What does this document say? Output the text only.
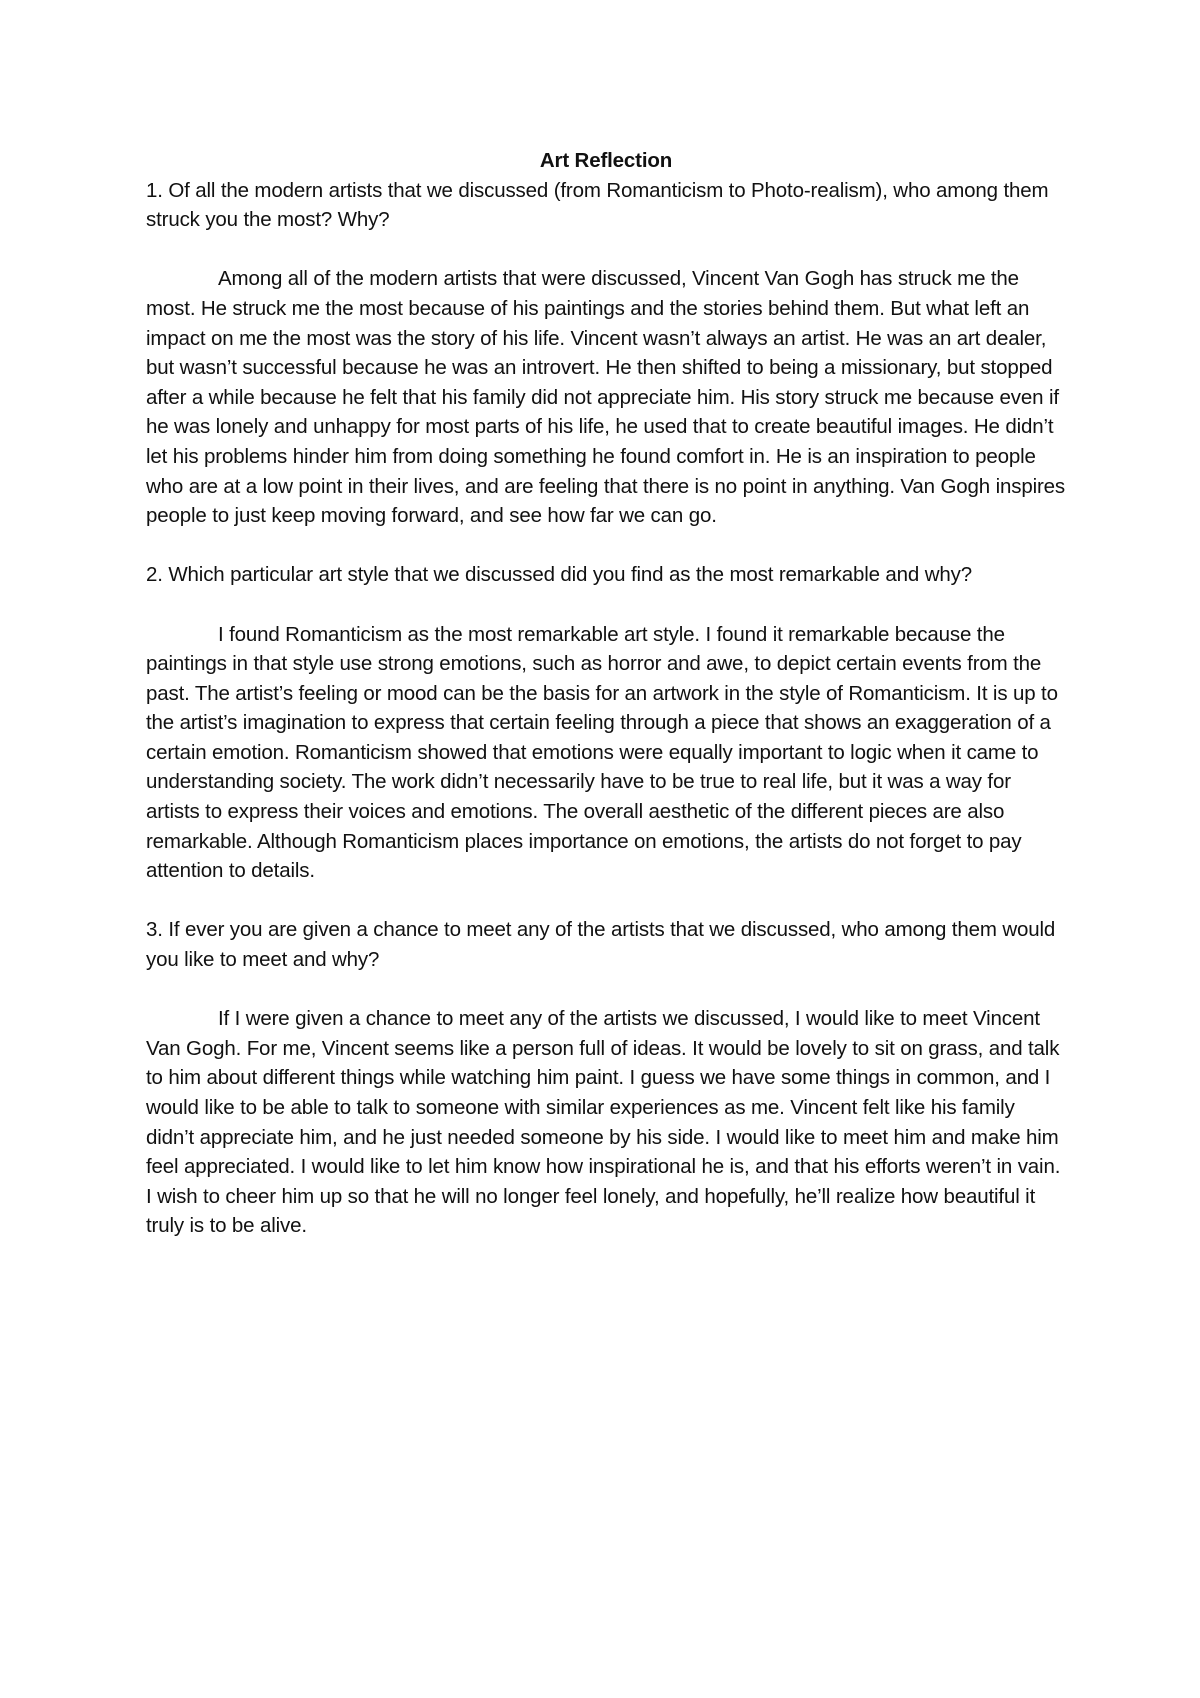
Art Reflection

1. Of all the modern artists that we discussed (from Romanticism to Photo-realism), who among them struck you the most? Why?

Among all of the modern artists that were discussed, Vincent Van Gogh has struck me the most. He struck me the most because of his paintings and the stories behind them. But what left an impact on me the most was the story of his life. Vincent wasn’t always an artist. He was an art dealer, but wasn’t successful because he was an introvert. He then shifted to being a missionary, but stopped after a while because he felt that his family did not appreciate him. His story struck me because even if he was lonely and unhappy for most parts of his life, he used that to create beautiful images. He didn’t let his problems hinder him from doing something he found comfort in. He is an inspiration to people who are at a low point in their lives, and are feeling that there is no point in anything. Van Gogh inspires people to just keep moving forward, and see how far we can go.

2. Which particular art style that we discussed did you find as the most remarkable and why?

I found Romanticism as the most remarkable art style. I found it remarkable because the paintings in that style use strong emotions, such as horror and awe, to depict certain events from the past. The artist’s feeling or mood can be the basis for an artwork in the style of Romanticism. It is up to the artist’s imagination to express that certain feeling through a piece that shows an exaggeration of a certain emotion. Romanticism showed that emotions were equally important to logic when it came to understanding society. The work didn’t necessarily have to be true to real life, but it was a way for artists to express their voices and emotions. The overall aesthetic of the different pieces are also remarkable. Although Romanticism places importance on emotions, the artists do not forget to pay attention to details.

3. If ever you are given a chance to meet any of the artists that we discussed, who among them would you like to meet and why?

If I were given a chance to meet any of the artists we discussed, I would like to meet Vincent Van Gogh. For me, Vincent seems like a person full of ideas. It would be lovely to sit on grass, and talk to him about different things while watching him paint. I guess we have some things in common, and I would like to be able to talk to someone with similar experiences as me. Vincent felt like his family didn’t appreciate him, and he just needed someone by his side. I would like to meet him and make him feel appreciated. I would like to let him know how inspirational he is, and that his efforts weren’t in vain. I wish to cheer him up so that he will no longer feel lonely, and hopefully, he’ll realize how beautiful it truly is to be alive.
